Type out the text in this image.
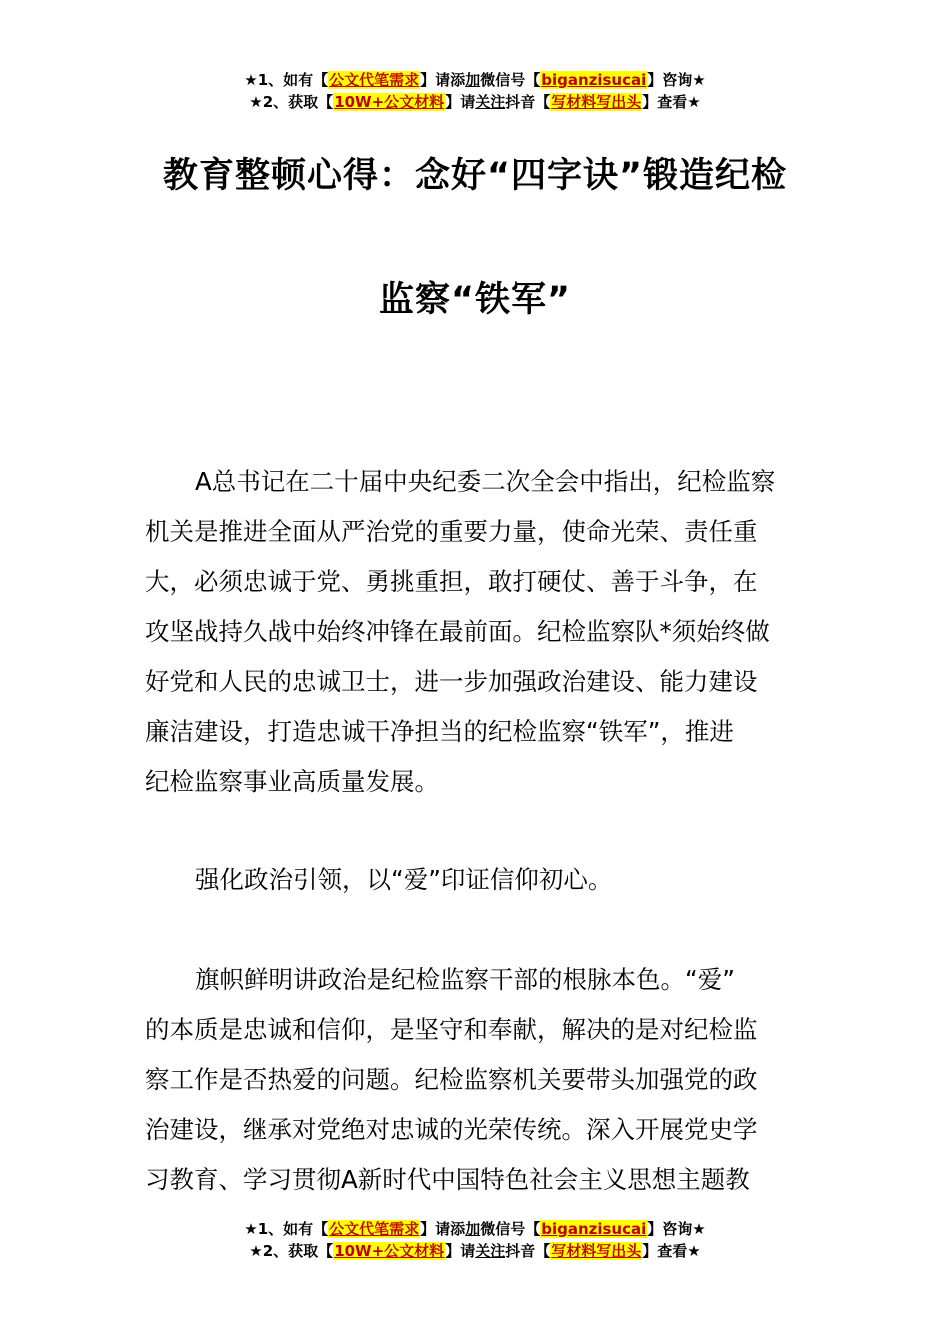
★1、如有【公文代笔需求】请添加微信号【biganzisucai】咨询★
★2、获取【10W+公文材料】请关注抖音【写材料写出头】查看★
教育整顿心得：念好“四字诀”锻造纪检
监察“铁军”
A总书记在二十届中央纪委二次全会中指出，纪检监察
机关是推进全面从严治党的重要力量，使命光荣、责任重
大，必须忠诚于党、勇挑重担，敢打硬仗、善于斗争，在
攻坚战持久战中始终冲锋在最前面。纪检监察队*须始终做
好党和人民的忠诚卫士，进一步加强政治建设、能力建设
廉洁建设，打造忠诚干净担当的纪检监察“铁军”，推进
纪检监察事业高质量发展。
强化政治引领，以“爱”印证信仰初心。
旗帜鲜明讲政治是纪检监察干部的根脉本色。“爱”
的本质是忠诚和信仰，是坚守和奉献，解决的是对纪检监
察工作是否热爱的问题。纪检监察机关要带头加强党的政
治建设，继承对党绝对忠诚的光荣传统。深入开展党史学
习教育、学习贯彻A新时代中国特色社会主义思想主题教
★1、如有【公文代笔需求】请添加微信号【biganzisucai】咨询★
★2、获取【10W+公文材料】请关注抖音【写材料写出头】查看★
